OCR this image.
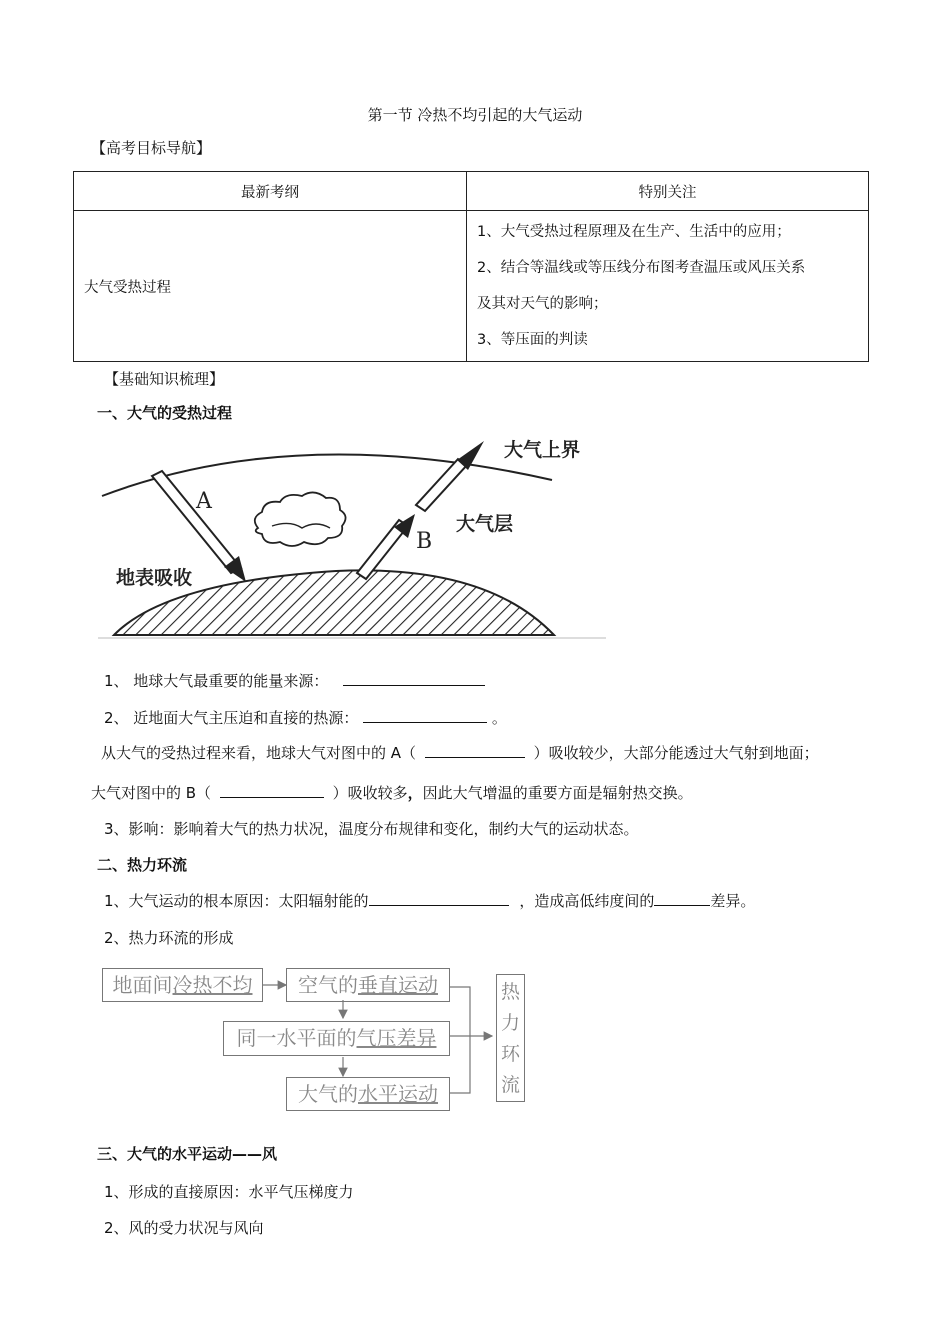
第一节 冷热不均引起的大气运动
【高考目标导航】
最新考纲	特别关注
大气受热过程	1、大气受热过程原理及在生产、生活中的应用；
2、结合等温线或等压线分布图考查温压或风压关系
及其对天气的影响；
3、等压面的判读
【基础知识梳理】
一、大气的受热过程
A
B
大气上界
大气层
地表吸收
1、 地球大气最重要的能量来源：
2、 近地面大气主压迫和直接的热源：	。
从大气的受热过程来看，地球大气对图中的 A（	）吸收较少，大部分能透过大气射到地面；
大气对图中的 B（	）吸收较多，因此大气增温的重要方面是辐射热交换。
3、影响：影响着大气的热力状况，温度分布规律和变化，制约大气的运动状态。
二、热力环流
1、大气运动的根本原因：太阳辐射能的	，造成高低纬度间的	差异。
2、热力环流的形成
地面间冷热不均	空气的垂直运动
同一水平面的气压差异
大气的水平运动
热
力
环
流
三、大气的水平运动——风
1、形成的直接原因：水平气压梯度力
2、风的受力状况与风向
